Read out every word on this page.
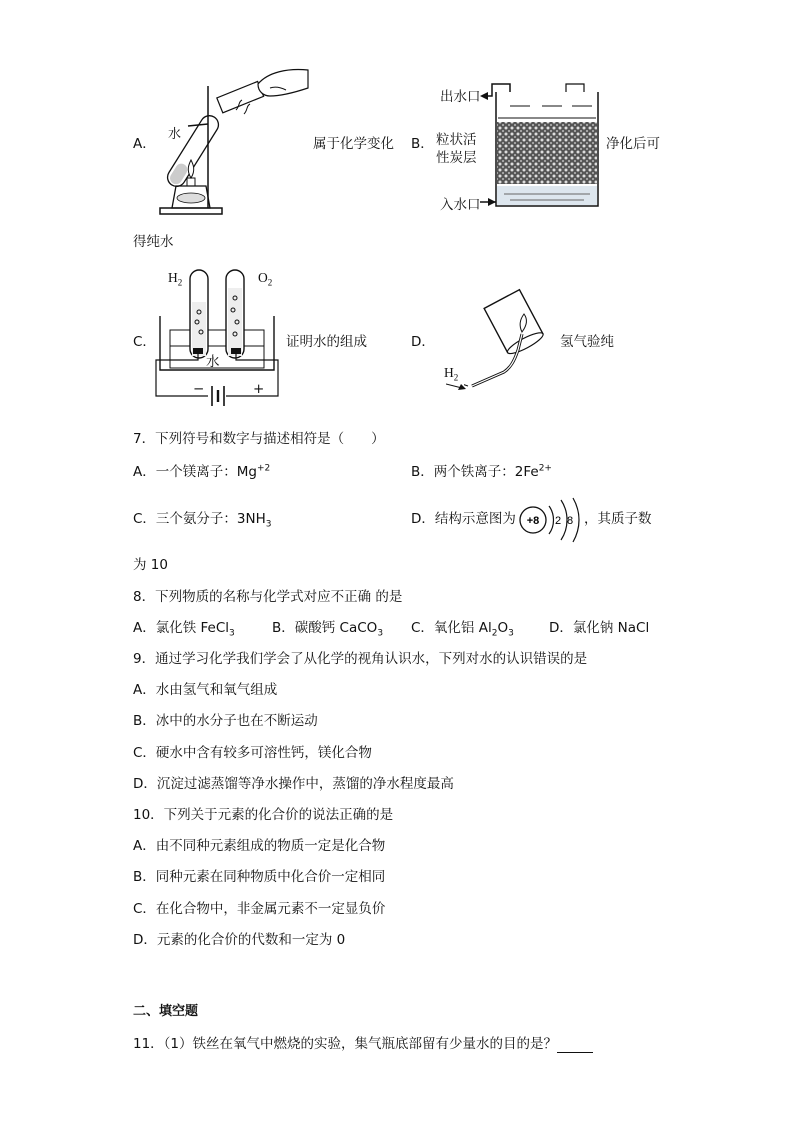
A．
水
属于化学变化 B．
出水口
粒状活
性炭层
入水口
净化后可
得纯水
C．
$H_2$	$O_2$
水
−	+
证明水的组成	D．
$H_2$
氢气验纯
7．下列符号和数字与描述相符是（　　）
A．一个镁离子：$Mg^{+2}$	B．两个铁离子：$2Fe^{2+}$
C．三个氨分子：$3NH_3$	D．结构示意图为 +8 2 8 ，其质子数
为 10
8．下列物质的名称与化学式对应不正确 的是
A．氯化铁 FeCl$_3$	B．碳酸钙 CaCO$_3$ C．氧化铝 $Al_2O_3$	D．氯化钠 NaCl
9．通过学习化学我们学会了从化学的视角认识水，下列对水的认识错误的是
A．水由氢气和氧气组成
B．冰中的水分子也在不断运动
C．硬水中含有较多可溶性钙，镁化合物
D．沉淀过滤蒸馏等净水操作中，蒸馏的净水程度最高
10．下列关于元素的化合价的说法正确的是
A．由不同种元素组成的物质一定是化合物
B．同种元素在同种物质中化合价一定相同
C．在化合物中，非金属元素不一定显负价
D．元素的化合价的代数和一定为 0
二、填空题
11．（1）铁丝在氧气中燃烧的实验，集气瓶底部留有少量水的目的是？
